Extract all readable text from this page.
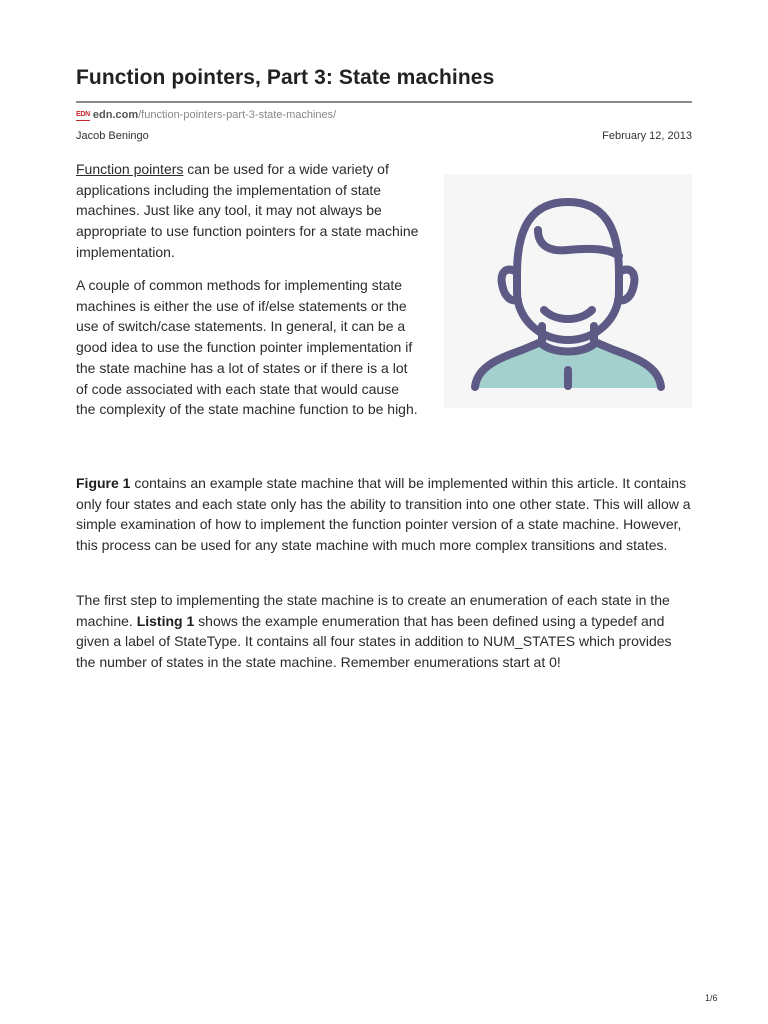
Function pointers, Part 3: State machines
EDN edn.com /function-pointers-part-3-state-machines/
Jacob Beningo	February 12, 2013
Function pointers can be used for a wide variety of applications including the implementation of state machines. Just like any tool, it may not always be appropriate to use function pointers for a state machine implementation.
A couple of common methods for implementing state machines is either the use of if/else statements or the use of switch/case statements. In general, it can be a good idea to use the function pointer implementation if the state machine has a lot of states or if there is a lot of code associated with each state that would cause the complexity of the state machine function to be high.
Figure 1 contains an example state machine that will be implemented within this article. It contains only four states and each state only has the ability to transition into one other state. This will allow a simple examination of how to implement the function pointer version of a state machine. However, this process can be used for any state machine with much more complex transitions and states.
The first step to implementing the state machine is to create an enumeration of each state in the machine. Listing 1 shows the example enumeration that has been defined using a typedef and given a label of StateType. It contains all four states in addition to NUM_STATES which provides the number of states in the state machine. Remember enumerations start at 0!
1/6
